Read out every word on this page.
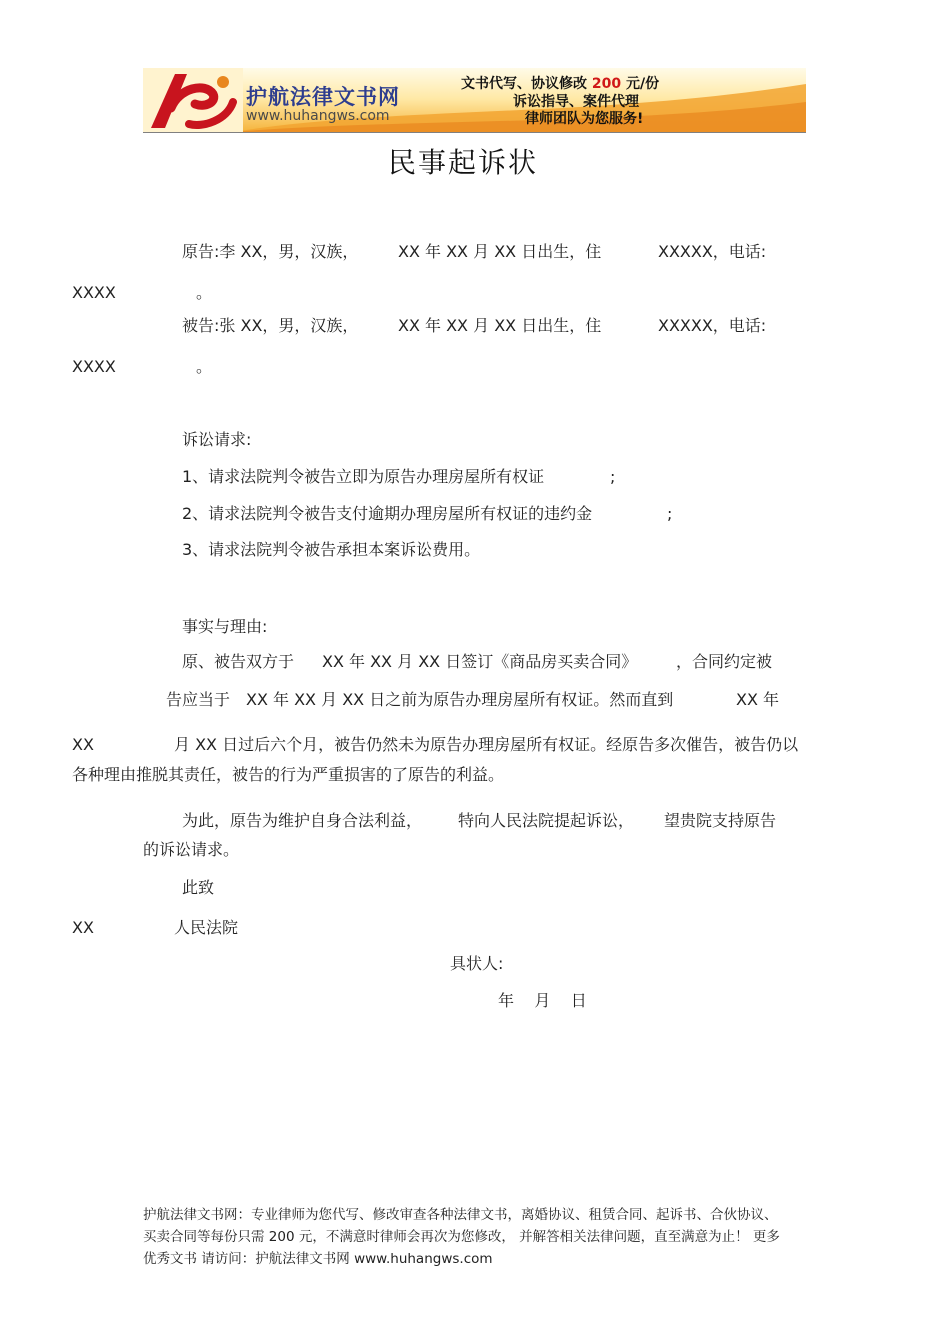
护航法律文书网
www.huhangws.com
文书代写、协议修改 200 元/份
诉讼指导、案件代理
律师团队为您服务!
民事起诉状
原告:李 XX，男，汉族， XX 年 XX 月 XX 日出生，住	XXXXX，电话:
XXXX	。
被告:张 XX，男，汉族， XX 年 XX 月 XX 日出生，住	XXXXX，电话:
XXXX	。
诉讼请求:
1、请求法院判令被告立即为原告办理房屋所有权证	;
2、请求法院判令被告支付逾期办理房屋所有权证的违约金	;
3、请求法院判令被告承担本案诉讼费用。
事实与理由:
原、被告双方于 XX 年 XX 月 XX 日签订《商品房买卖合同》 ，合同约定被
告应当于 XX 年 XX 月 XX 日之前为原告办理房屋所有权证。然而直到	XX 年
XX	月 XX 日过后六个月，被告仍然未为原告办理房屋所有权证。经原告多次催告，被告仍以
各种理由推脱其责任，被告的行为严重损害的了原告的利益。
为此，原告为维护自身合法利益， 特向人民法院提起诉讼， 望贵院支持原告
的诉讼请求。
此致
XX	人民法院
具状人:
年    月    日
护航法律文书网：专业律师为您代写、修改审查各种法律文书，离婚协议、租赁合同、起诉书、合伙协议、 买卖合同等每份只需 200 元，不满意时律师会再次为您修改， 并解答相关法律问题，直至满意为止！ 更多优秀文书 请访问：护航法律文书网 www.huhangws.com
